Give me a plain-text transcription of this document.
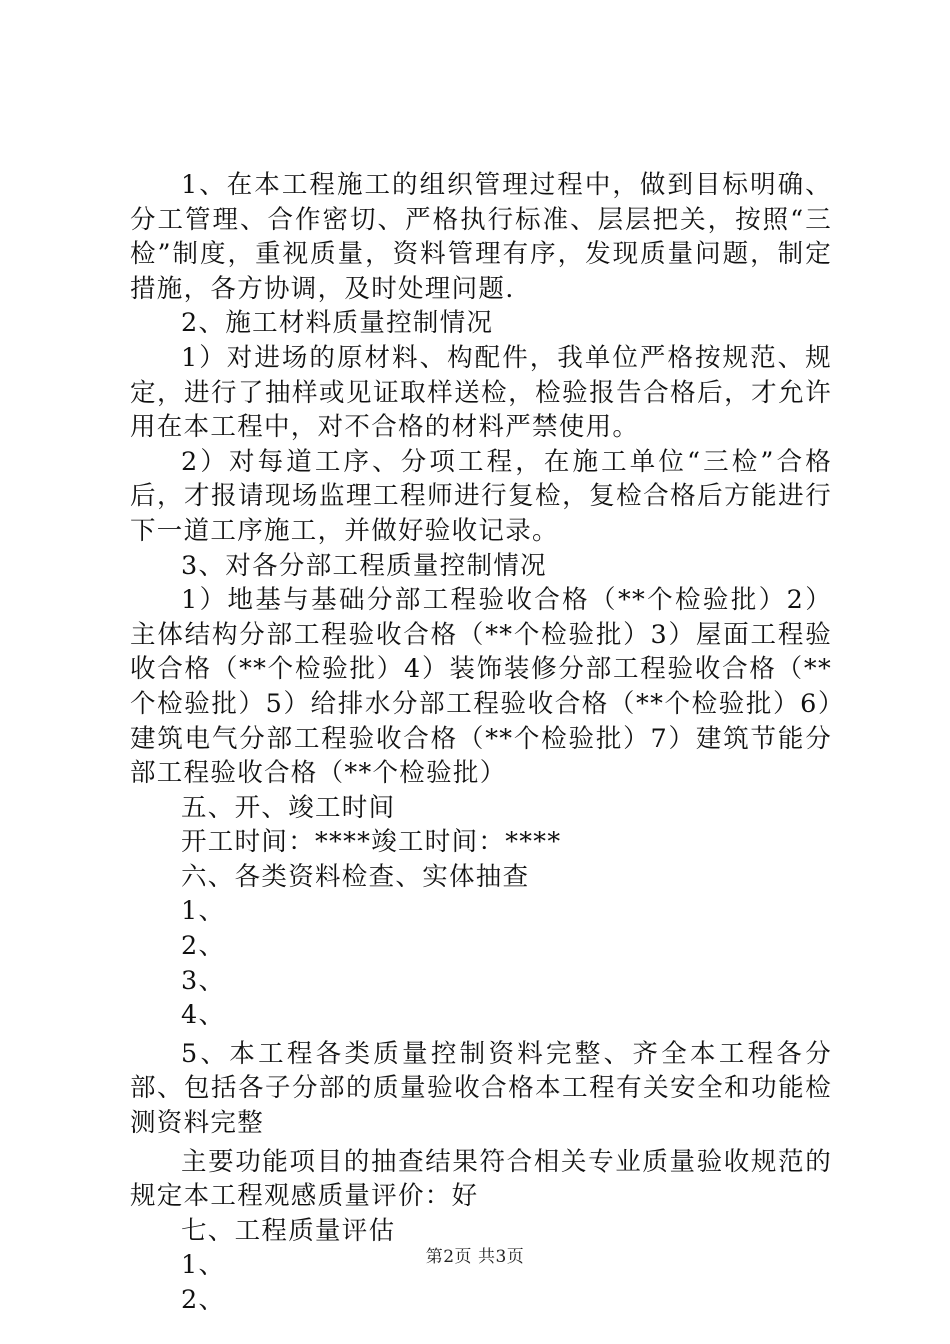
1、在本工程施工的组织管理过程中，做到目标明确、分工管理、合作密切、严格执行标准、层层把关，按照“三检”制度，重视质量，资料管理有序，发现质量问题，制定措施，各方协调，及时处理问题.

2、施工材料质量控制情况

1）对进场的原材料、构配件，我单位严格按规范、规定，进行了抽样或见证取样送检，检验报告合格后，才允许用在本工程中，对不合格的材料严禁使用。

2）对每道工序、分项工程，在施工单位“三检”合格后，才报请现场监理工程师进行复检，复检合格后方能进行下一道工序施工，并做好验收记录。

3、对各分部工程质量控制情况

1）地基与基础分部工程验收合格（**个检验批）2）主体结构分部工程验收合格（**个检验批）3）屋面工程验收合格（**个检验批）4）装饰装修分部工程验收合格（**个检验批）5）给排水分部工程验收合格（**个检验批）6）建筑电气分部工程验收合格（**个检验批）7）建筑节能分部工程验收合格（**个检验批）

五、开、竣工时间

开工时间：****竣工时间：****

六、各类资料检查、实体抽查

1、

2、

3、

4、

5、本工程各类质量控制资料完整、齐全本工程各分部、包括各子分部的质量验收合格本工程有关安全和功能检测资料完整

主要功能项目的抽查结果符合相关专业质量验收规范的规定本工程观感质量评价：好

七、工程质量评估

1、

2、

第2页 共3页
